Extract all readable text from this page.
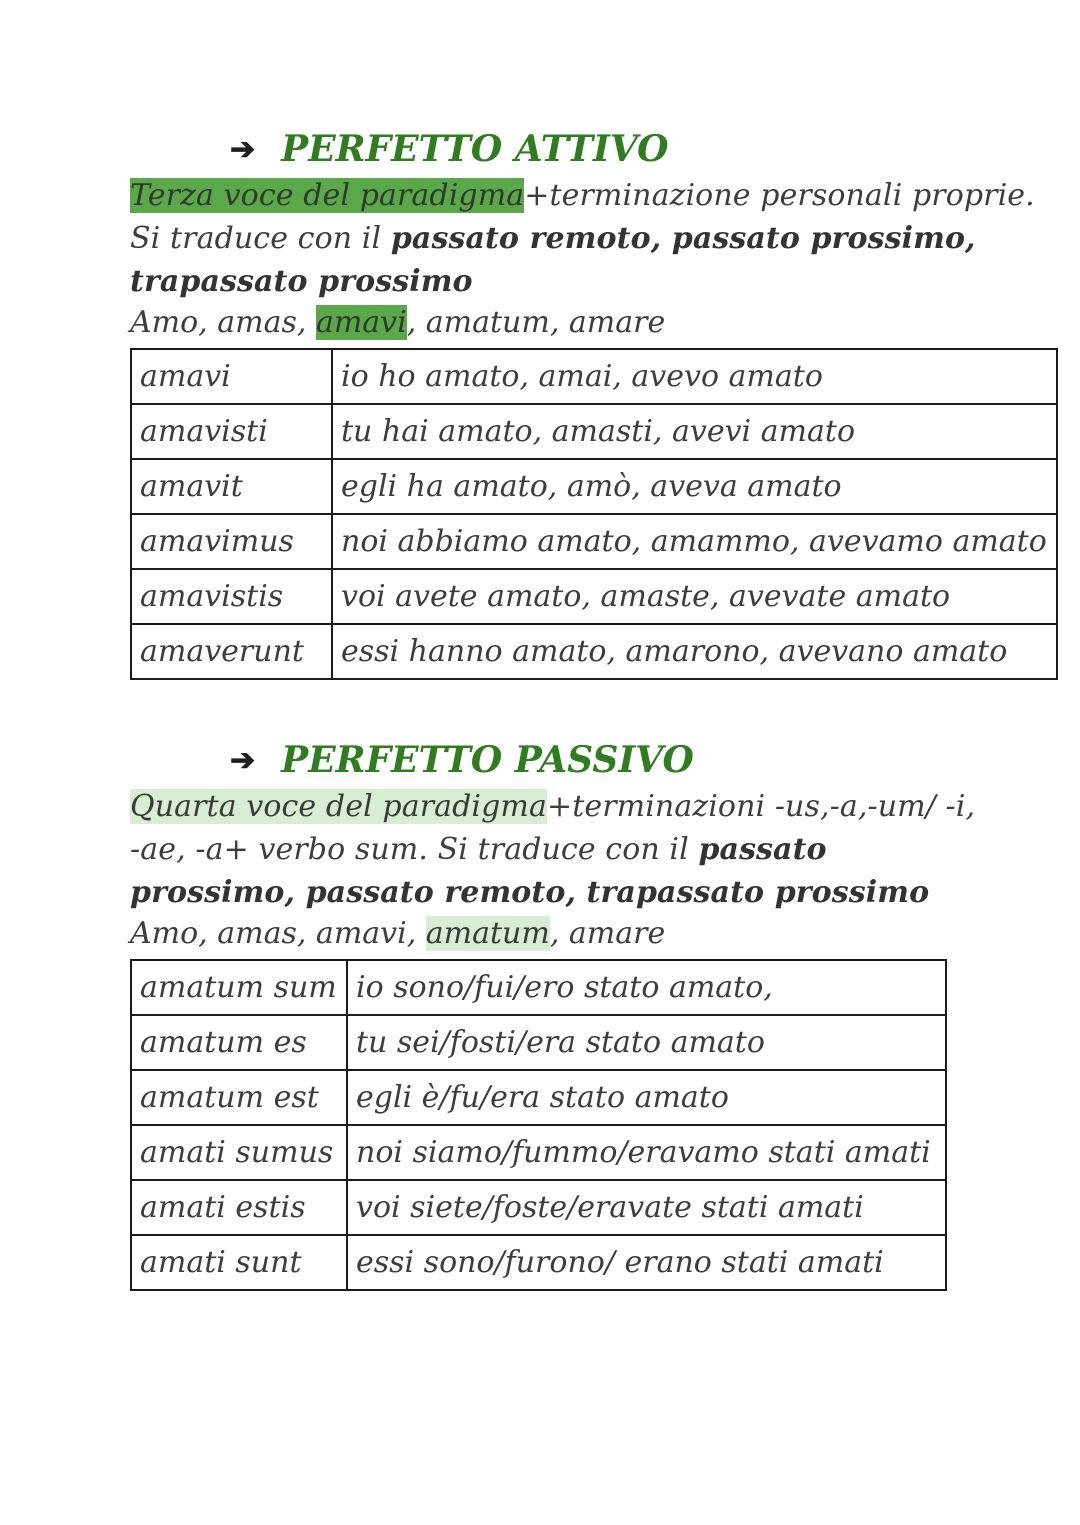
➔ PERFETTO ATTIVO
Terza voce del paradigma+terminazione personali proprie. Si traduce con il passato remoto, passato prossimo, trapassato prossimo
Amo, amas, amavi, amatum, amare
amavi	io ho amato, amai, avevo amato
amavisti	tu hai amato, amasti, avevi amato
amavit	egli ha amato, amò, aveva amato
amavimus	noi abbiamo amato, amammo, avevamo amato
amavistis	voi avete amato, amaste, avevate amato
amaverunt	essi hanno amato, amarono, avevano amato
➔ PERFETTO PASSIVO
Quarta voce del paradigma+terminazioni -us,-a,-um/ -i, -ae, -a+ verbo sum. Si traduce con il passato prossimo, passato remoto, trapassato prossimo
Amo, amas, amavi, amatum, amare
amatum sum	io sono/fui/ero stato amato,
amatum es	tu sei/fosti/era stato amato
amatum est	egli è/fu/era stato amato
amati sumus	noi siamo/fummo/eravamo stati amati
amati estis	voi siete/foste/eravate stati amati
amati sunt	essi sono/furono/ erano stati amati
